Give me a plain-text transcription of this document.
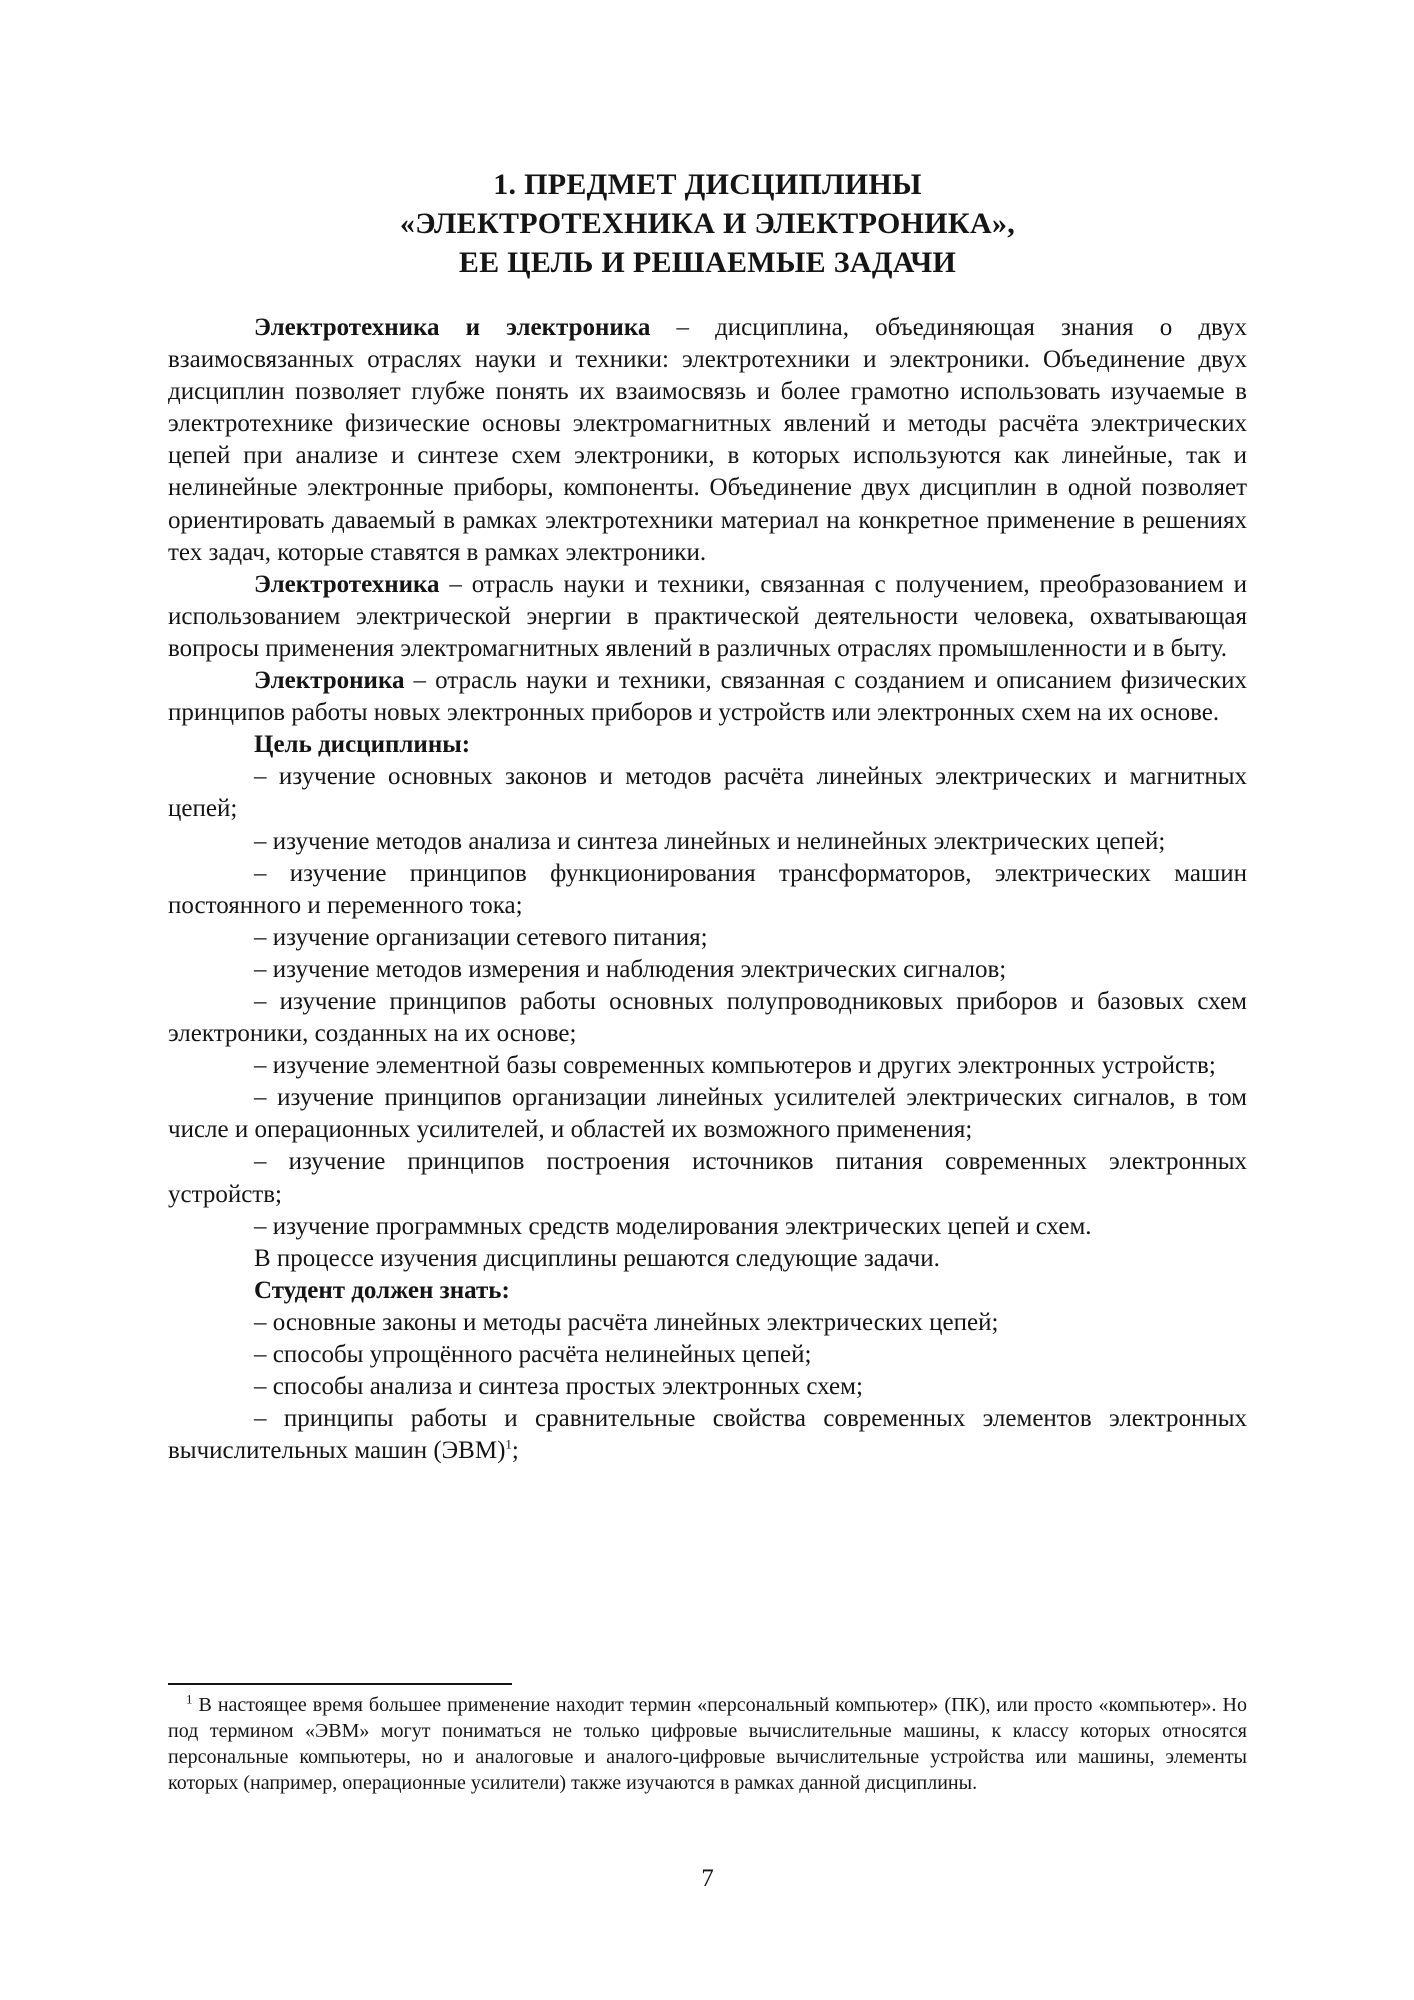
1. ПРЕДМЕТ ДИСЦИПЛИНЫ
«ЭЛЕКТРОТЕХНИКА И ЭЛЕКТРОНИКА»,
ЕЕ ЦЕЛЬ И РЕШАЕМЫЕ ЗАДАЧИ

Электротехника и электроника – дисциплина, объединяющая знания о двух взаимосвязанных отраслях науки и техники: электротехники и электроники. Объединение двух дисциплин позволяет глубже понять их взаимосвязь и более грамотно использовать изучаемые в электротехнике физические основы электромагнитных явлений и методы расчёта электрических цепей при анализе и синтезе схем электроники, в которых используются как линейные, так и нелинейные электронные приборы, компоненты. Объединение двух дисциплин в одной позволяет ориентировать даваемый в рамках электротехники материал на конкретное применение в решениях тех задач, которые ставятся в рамках электроники.

Электротехника – отрасль науки и техники, связанная с получением, преобразованием и использованием электрической энергии в практической деятельности человека, охватывающая вопросы применения электромагнитных явлений в различных отраслях промышленности и в быту.

Электроника – отрасль науки и техники, связанная с созданием и описанием физических принципов работы новых электронных приборов и устройств или электронных схем на их основе.

Цель дисциплины:

– изучение основных законов и методов расчёта линейных электрических и магнитных цепей;

– изучение методов анализа и синтеза линейных и нелинейных электрических цепей;

– изучение принципов функционирования трансформаторов, электрических машин постоянного и переменного тока;

– изучение организации сетевого питания;

– изучение методов измерения и наблюдения электрических сигналов;

– изучение принципов работы основных полупроводниковых приборов и базовых схем электроники, созданных на их основе;

– изучение элементной базы современных компьютеров и других электронных устройств;

– изучение принципов организации линейных усилителей электрических сигналов, в том числе и операционных усилителей, и областей их возможного применения;

– изучение принципов построения источников питания современных электронных устройств;

– изучение программных средств моделирования электрических цепей и схем.

В процессе изучения дисциплины решаются следующие задачи.

Студент должен знать:

– основные законы и методы расчёта линейных электрических цепей;

– способы упрощённого расчёта нелинейных цепей;

– способы анализа и синтеза простых электронных схем;

– принципы работы и сравнительные свойства современных элементов электронных вычислительных машин (ЭВМ)$^1$;

$^1$ В настоящее время большее применение находит термин «персональный компьютер» (ПК), или просто «компьютер». Но под термином «ЭВМ» могут пониматься не только цифровые вычислительные машины, к классу которых относятся персональные компьютеры, но и аналоговые и аналого-цифровые вычислительные устройства или машины, элементы которых (например, операционные усилители) также изучаются в рамках данной дисциплины.

7
